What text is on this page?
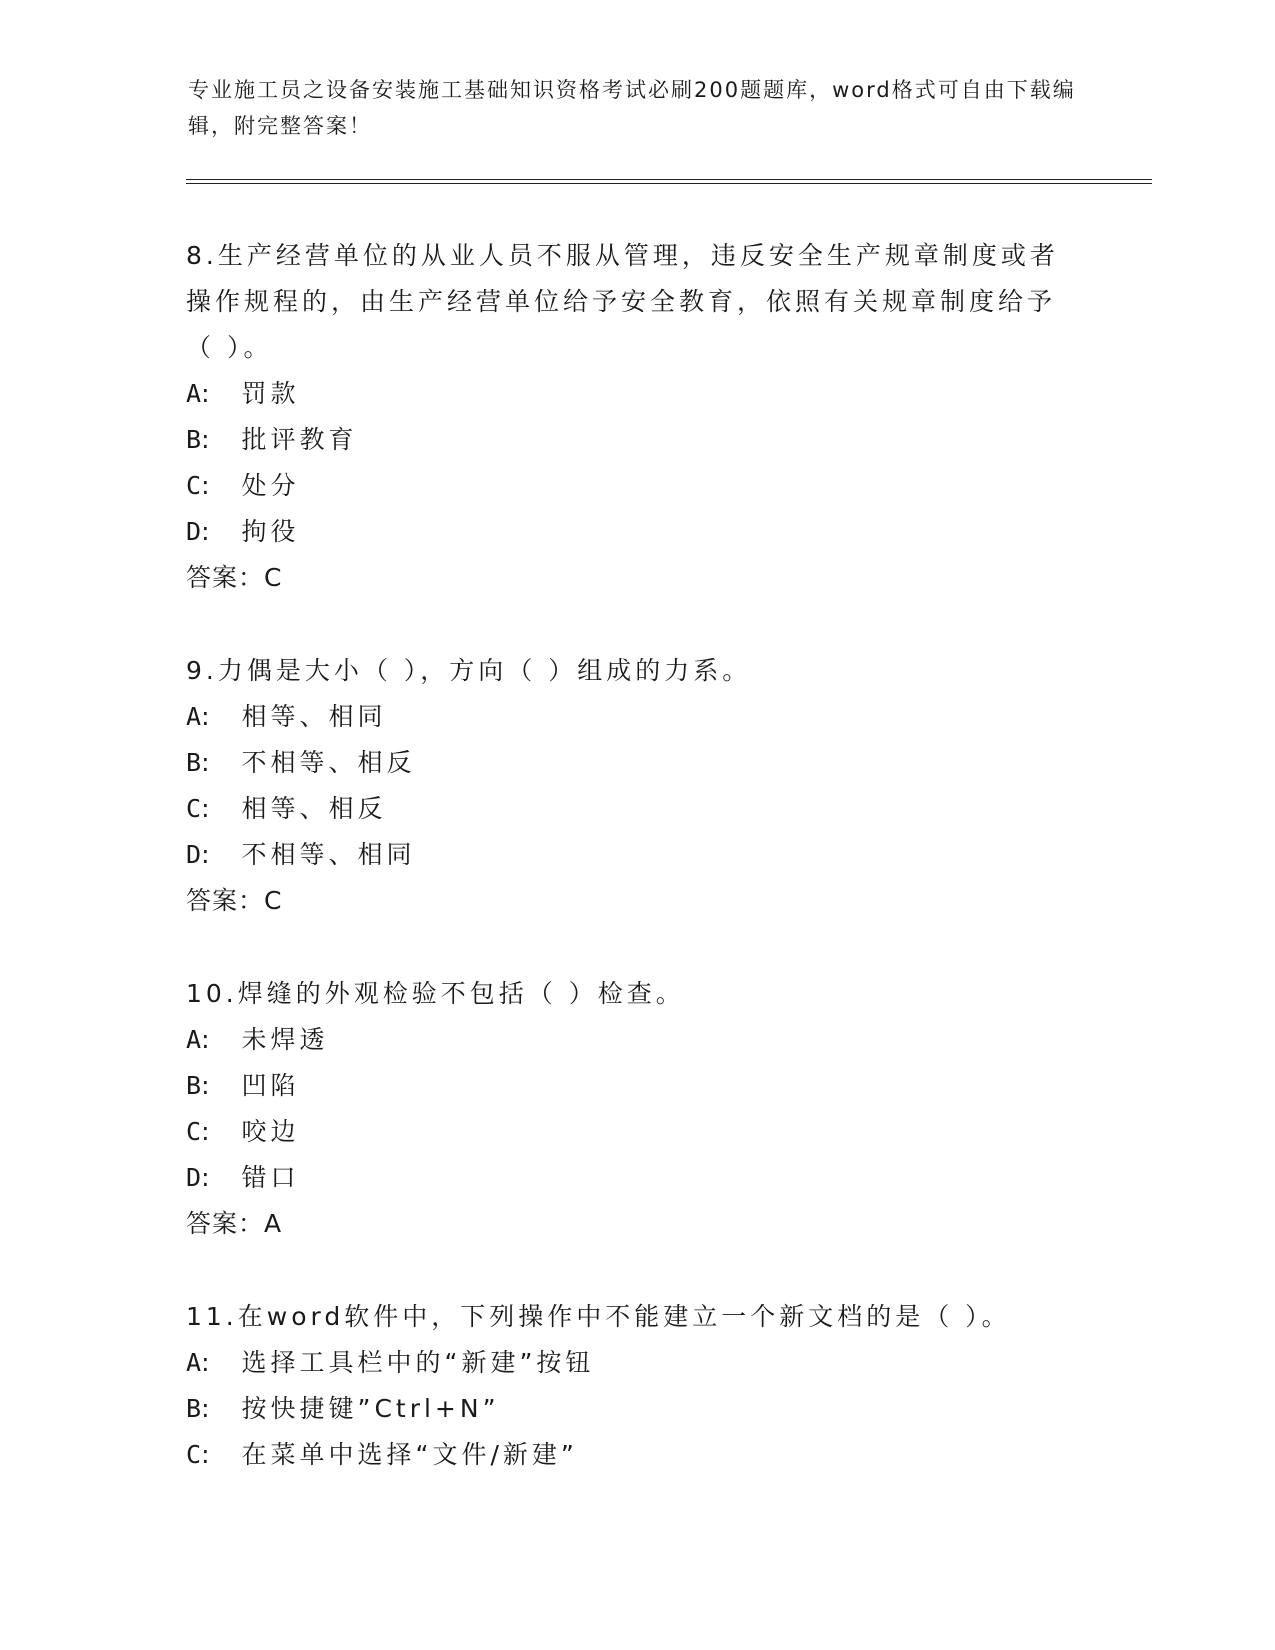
专业施工员之设备安装施工基础知识资格考试必刷200题题库，word格式可自由下载编辑，附完整答案！
8.生产经营单位的从业人员不服从管理，违反安全生产规章制度或者操作规程的，由生产经营单位给予安全教育，依照有关规章制度给予（ ）。
A: 罚款
B: 批评教育
C: 处分
D: 拘役
答案：C
9.力偶是大小（ ），方向（ ）组成的力系。
A: 相等、相同
B: 不相等、相反
C: 相等、相反
D: 不相等、相同
答案：C
10.焊缝的外观检验不包括（ ）检查。
A: 未焊透
B: 凹陷
C: 咬边
D: 错口
答案：A
11.在word软件中，下列操作中不能建立一个新文档的是（ ）。
A: 选择工具栏中的“新建”按钮
B: 按快捷键”Ctrl+N”
C: 在菜单中选择“文件/新建”
